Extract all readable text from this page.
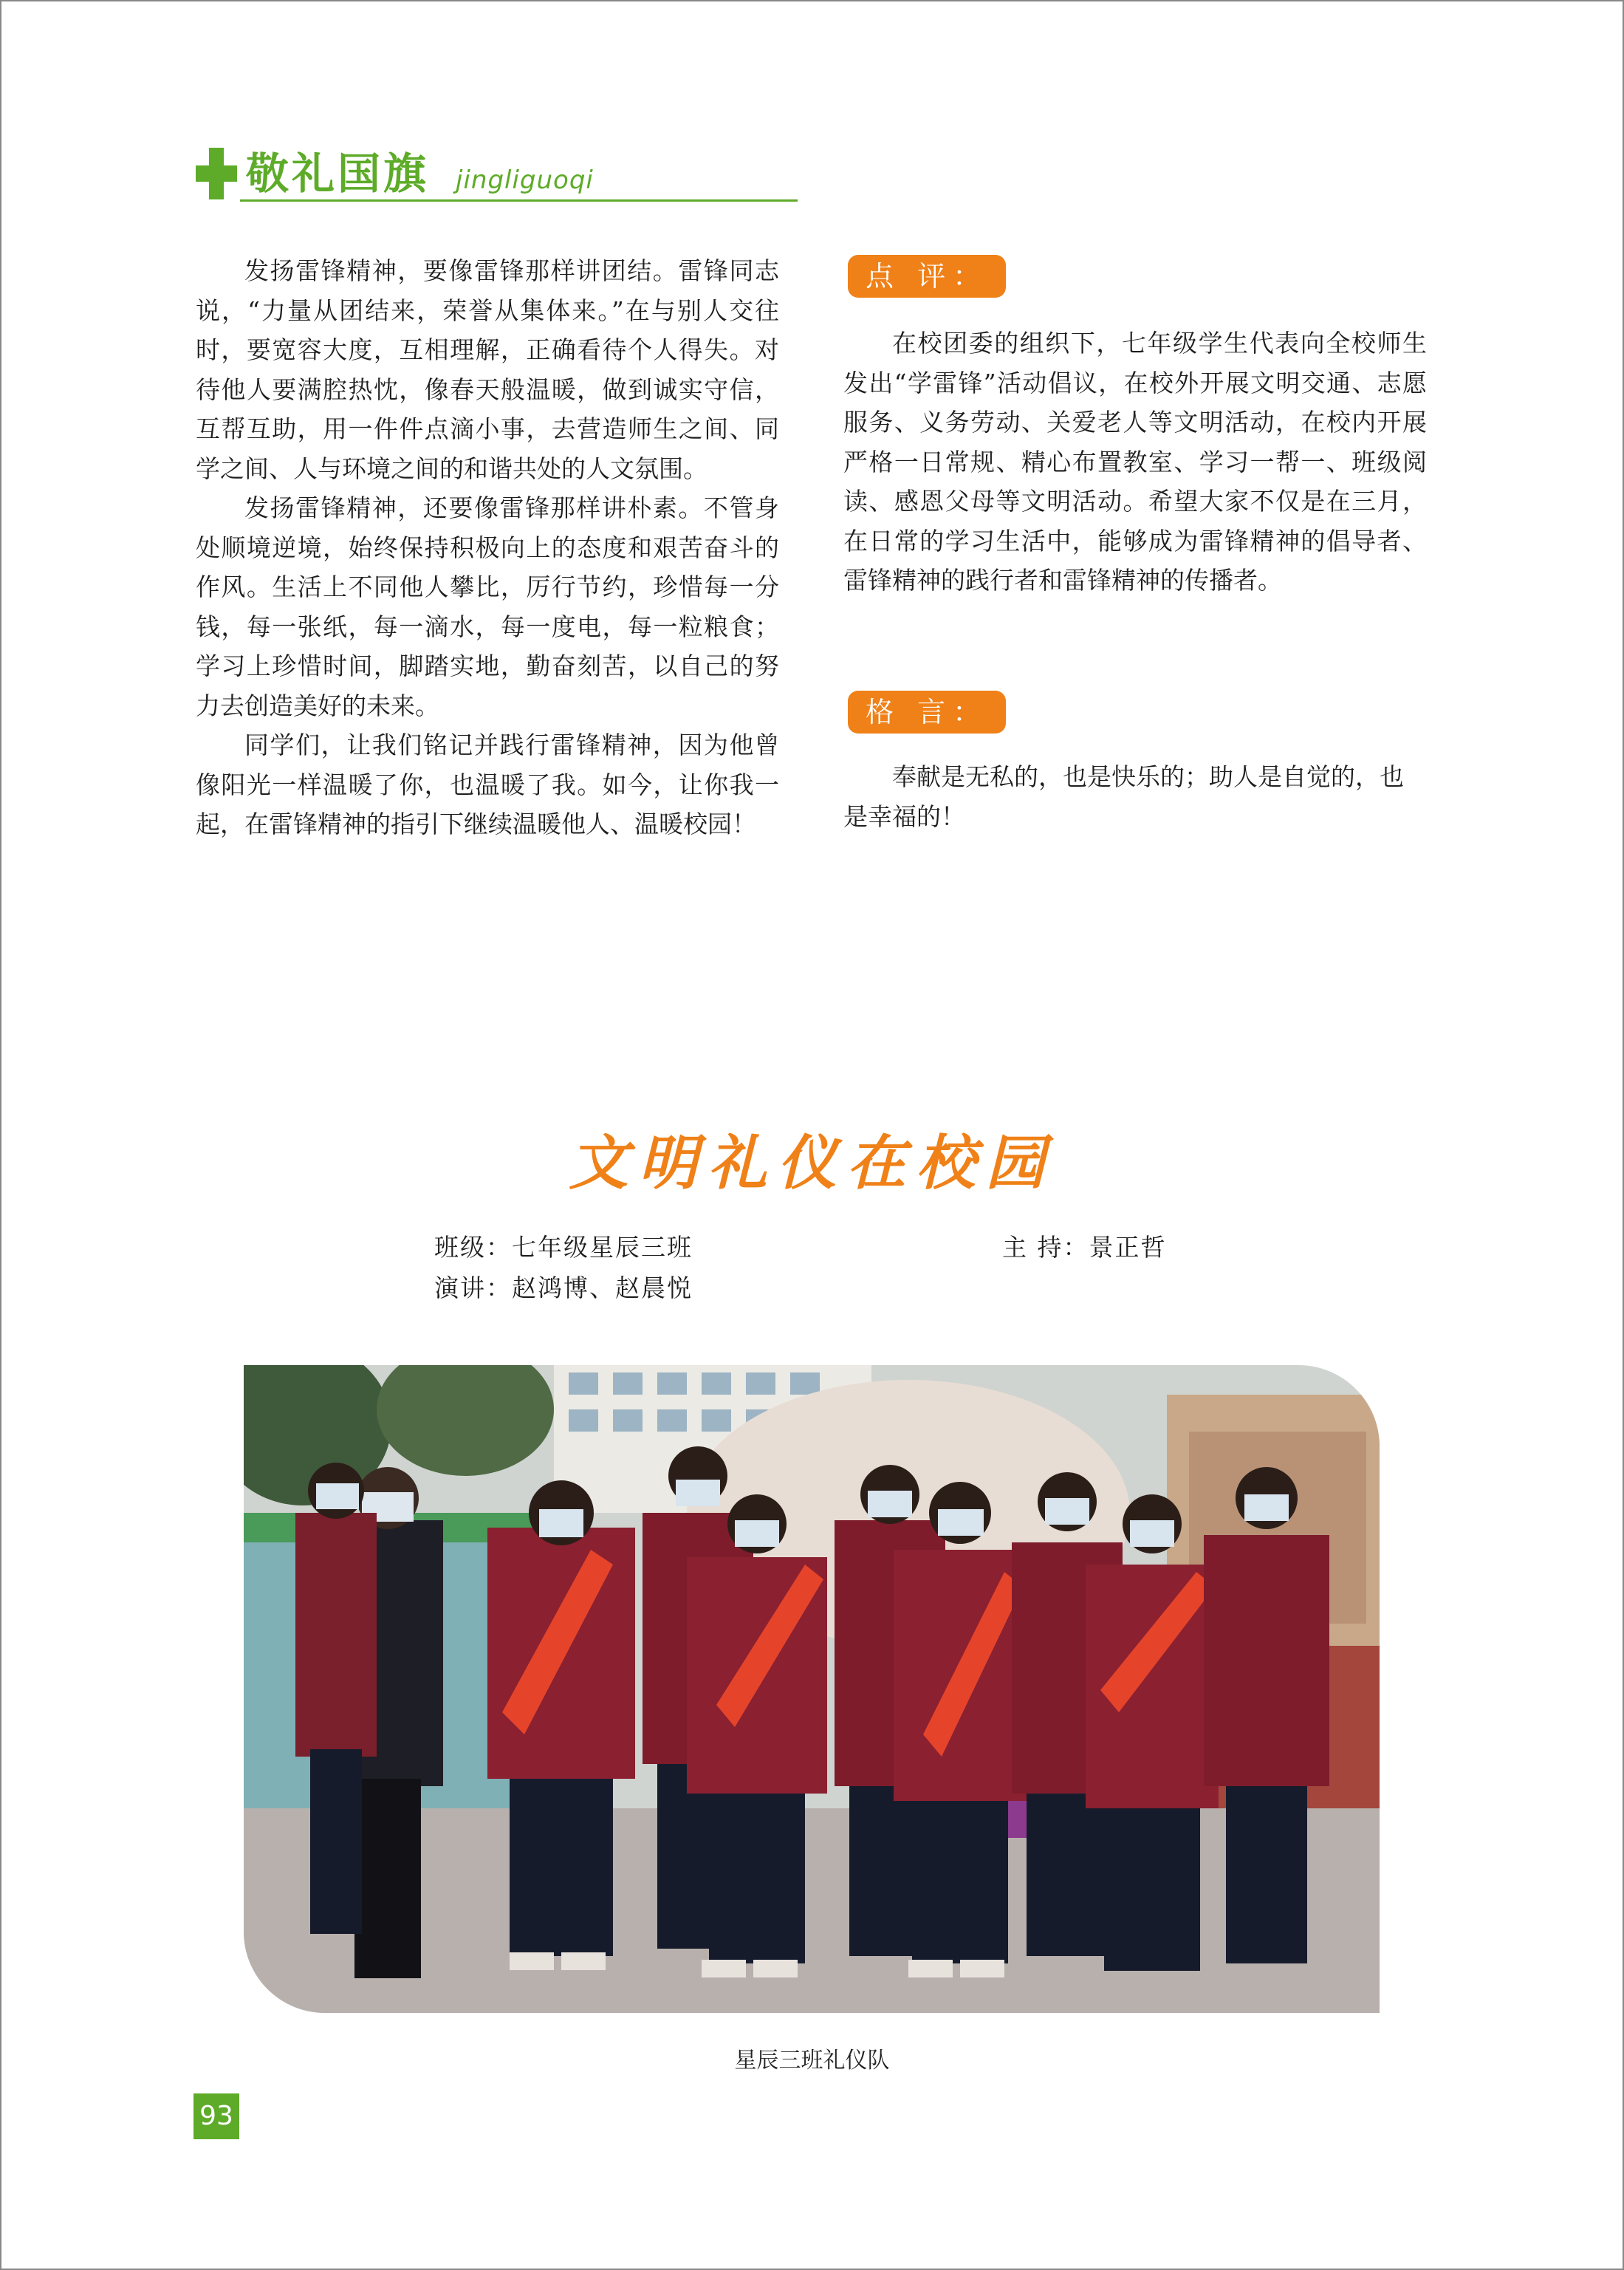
敬礼国旗 jingliguoqi

发扬雷锋精神，要像雷锋那样讲团结。雷锋同志说，“力量从团结来，荣誉从集体来。”在与别人交往时，要宽容大度，互相理解，正确看待个人得失。对待他人要满腔热忱，像春天般温暖，做到诚实守信，互帮互助，用一件件点滴小事，去营造师生之间、同学之间、人与环境之间的和谐共处的人文氛围。

发扬雷锋精神，还要像雷锋那样讲朴素。不管身处顺境逆境，始终保持积极向上的态度和艰苦奋斗的作风。生活上不同他人攀比，厉行节约，珍惜每一分钱，每一张纸，每一滴水，每一度电，每一粒粮食；学习上珍惜时间，脚踏实地，勤奋刻苦，以自己的努力去创造美好的未来。

同学们，让我们铭记并践行雷锋精神，因为他曾像阳光一样温暖了你，也温暖了我。如今，让你我一起，在雷锋精神的指引下继续温暖他人、温暖校园！

点 评：

在校团委的组织下，七年级学生代表向全校师生发出“学雷锋”活动倡议，在校外开展文明交通、志愿服务、义务劳动、关爱老人等文明活动，在校内开展严格一日常规、精心布置教室、学习一帮一、班级阅读、感恩父母等文明活动。希望大家不仅是在三月，在日常的学习生活中，能够成为雷锋精神的倡导者、雷锋精神的践行者和雷锋精神的传播者。

格 言：

奉献是无私的，也是快乐的；助人是自觉的，也是幸福的！

文明礼仪在校园
班级：七年级星辰三班	主 持：景正哲
演讲：赵鸿博、赵晨悦
星辰三班礼仪队
93
